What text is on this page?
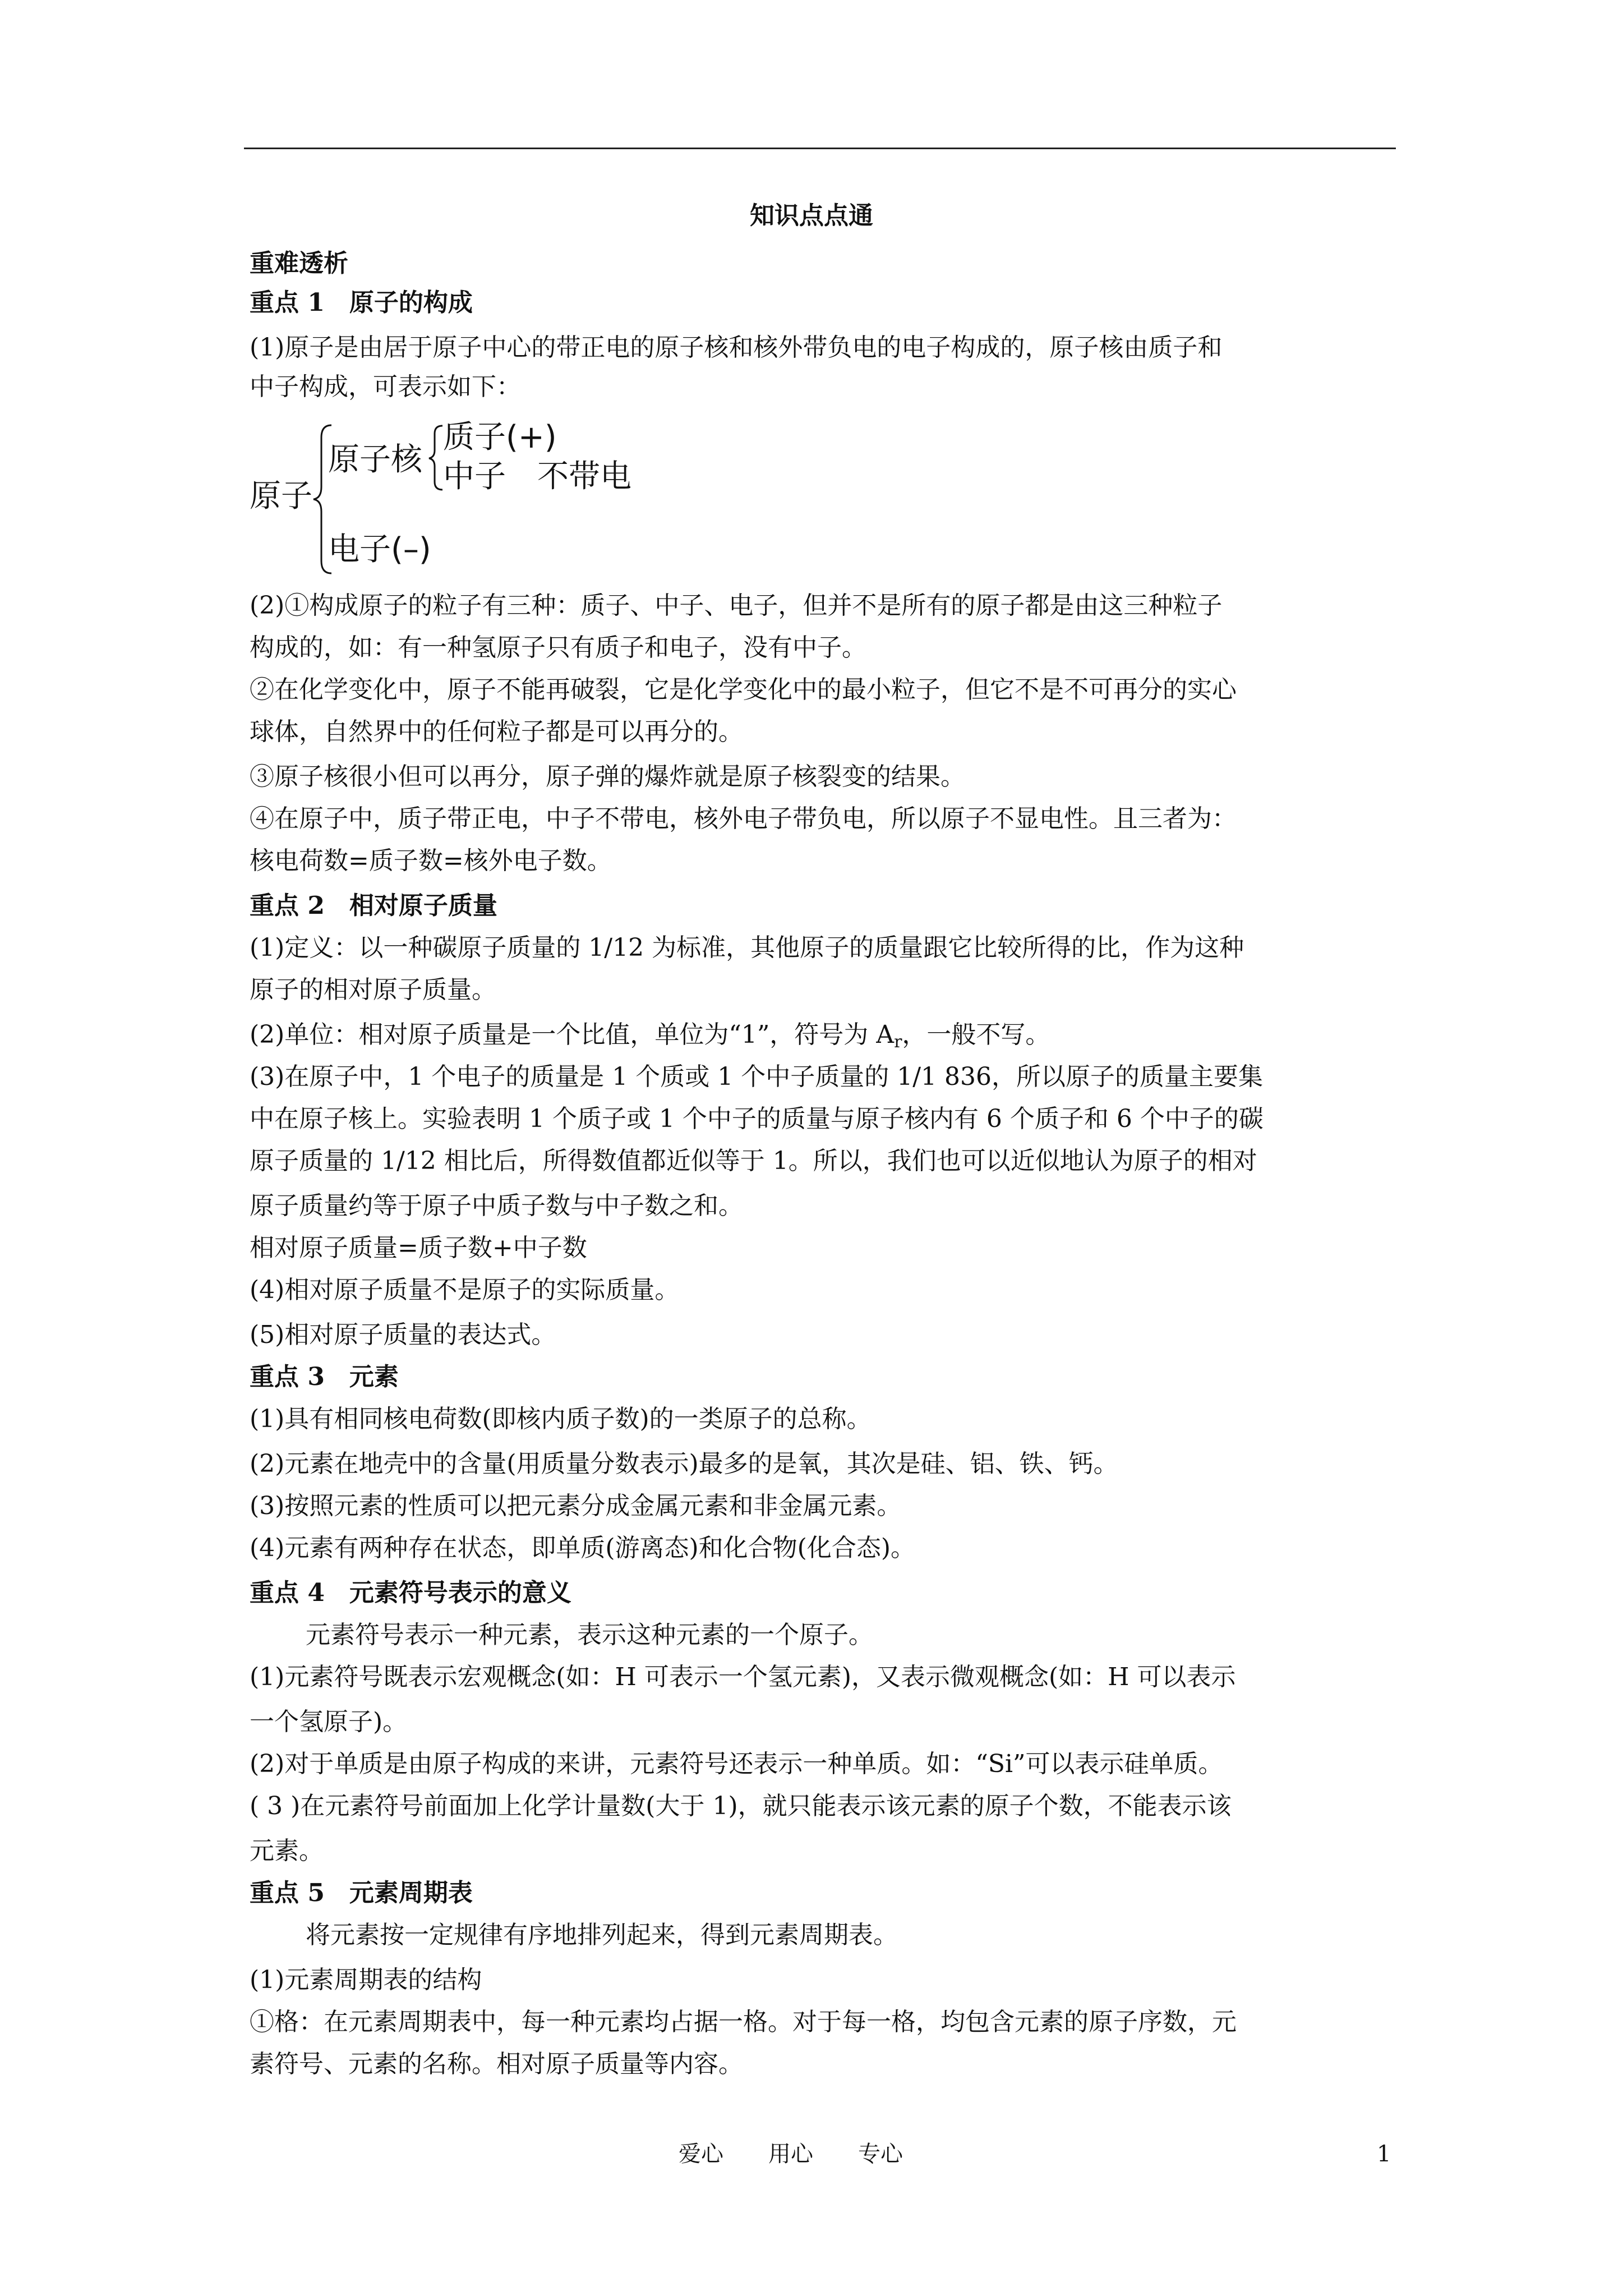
知识点点通
重难透析
重点 1　原子的构成
(1)原子是由居于原子中心的带正电的原子核和核外带负电的电子构成的，原子核由质子和
中子构成，可表示如下：
(2)①构成原子的粒子有三种：质子、中子、电子，但并不是所有的原子都是由这三种粒子
构成的，如：有一种氢原子只有质子和电子，没有中子。
②在化学变化中，原子不能再破裂，它是化学变化中的最小粒子，但它不是不可再分的实心
球体，自然界中的任何粒子都是可以再分的。
③原子核很小但可以再分，原子弹的爆炸就是原子核裂变的结果。
④在原子中，质子带正电，中子不带电，核外电子带负电，所以原子不显电性。且三者为：
核电荷数=质子数=核外电子数。
重点 2　相对原子质量
(1)定义：以一种碳原子质量的 1/12 为标准，其他原子的质量跟它比较所得的比，作为这种
原子的相对原子质量。
(2)单位：相对原子质量是一个比值，单位为“1”，符号为 $A_r$，一般不写。
(3)在原子中，1 个电子的质量是 1 个质或 1 个中子质量的 1/1 836，所以原子的质量主要集
中在原子核上。实验表明 1 个质子或 1 个中子的质量与原子核内有 6 个质子和 6 个中子的碳
原子质量的 1/12 相比后，所得数值都近似等于 1。所以，我们也可以近似地认为原子的相对
原子质量约等于原子中质子数与中子数之和。
相对原子质量=质子数+中子数
(4)相对原子质量不是原子的实际质量。
(5)相对原子质量的表达式。
重点 3　元素
(1)具有相同核电荷数(即核内质子数)的一类原子的总称。
(2)元素在地壳中的含量(用质量分数表示)最多的是氧，其次是硅、铝、铁、钙。
(3)按照元素的性质可以把元素分成金属元素和非金属元素。
(4)元素有两种存在状态，即单质(游离态)和化合物(化合态)。
重点 4　元素符号表示的意义
元素符号表示一种元素，表示这种元素的一个原子。
(1)元素符号既表示宏观概念(如：H 可表示一个氢元素)，又表示微观概念(如：H 可以表示
一个氢原子)。
(2)对于单质是由原子构成的来讲，元素符号还表示一种单质。如：“Si”可以表示硅单质。
( 3 )在元素符号前面加上化学计量数(大于 1)，就只能表示该元素的原子个数，不能表示该
元素。
重点 5　元素周期表
将元素按一定规律有序地排列起来，得到元素周期表。
(1)元素周期表的结构
①格：在元素周期表中，每一种元素均占据一格。对于每一格，均包含元素的原子序数，元
素符号、元素的名称。相对原子质量等内容。
原子
原子核
质子(+)
中子　不带电
电子(–)
爱心　　用心　　专心	1
